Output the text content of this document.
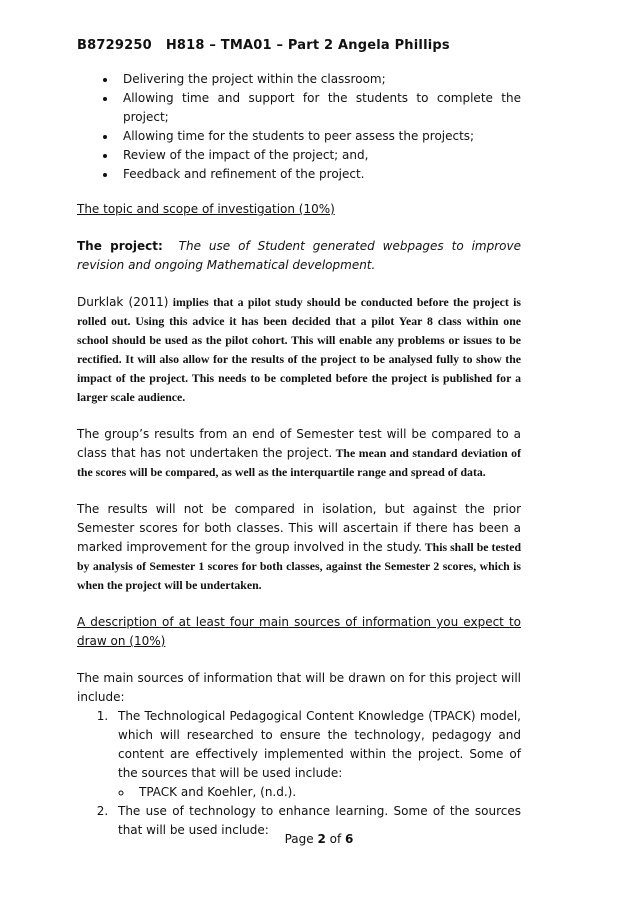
B8729250 H818 – TMA01 – Part 2 Angela Phillips
• Delivering the project within the classroom;
• Allowing time and support for the students to complete the project;
• Allowing time for the students to peer assess the projects;
• Review of the impact of the project; and,
• Feedback and refinement of the project.

The topic and scope of investigation (10%)

The project: The use of Student generated webpages to improve revision and ongoing Mathematical development.

Durklak (2011) implies that a pilot study should be conducted before the project is rolled out. Using this advice it has been decided that a pilot Year 8 class within one school should be used as the pilot cohort. This will enable any problems or issues to be rectified. It will also allow for the results of the project to be analysed fully to show the impact of the project. This needs to be completed before the project is published for a larger scale audience.

The group’s results from an end of Semester test will be compared to a class that has not undertaken the project. The mean and standard deviation of the scores will be compared, as well as the interquartile range and spread of data.

The results will not be compared in isolation, but against the prior Semester scores for both classes. This will ascertain if there has been a marked improvement for the group involved in the study. This shall be tested by analysis of Semester 1 scores for both classes, against the Semester 2 scores, which is when the project will be undertaken.

A description of at least four main sources of information you expect to draw on (10%)

The main sources of information that will be drawn on for this project will include:

1. The Technological Pedagogical Content Knowledge (TPACK) model, which will researched to ensure the technology, pedagogy and content are effectively implemented within the project. Some of the sources that will be used include:
◦ TPACK and Koehler, (n.d.).
2. The use of technology to enhance learning. Some of the sources that will be used include:
Page 2 of 6
